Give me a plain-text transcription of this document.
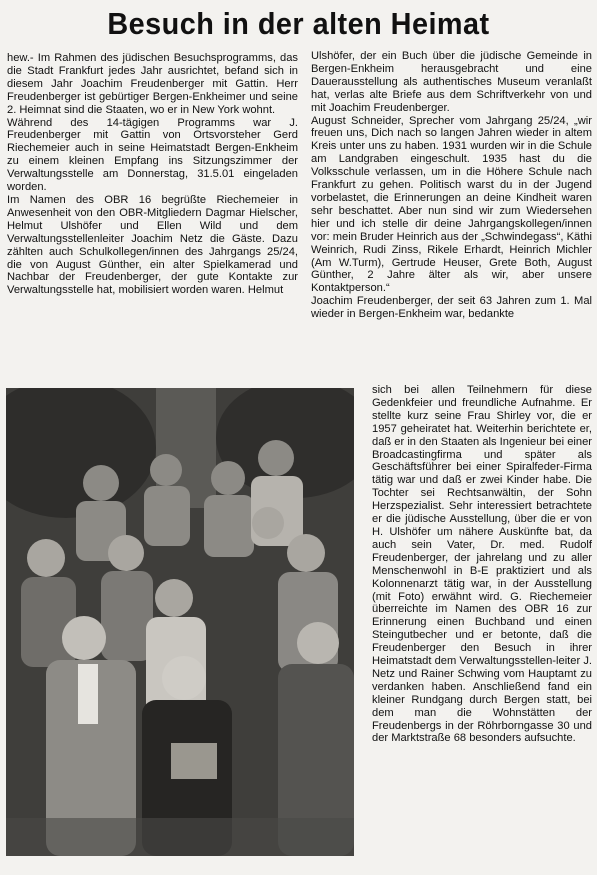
Besuch in der alten Heimat

hew.- Im Rahmen des jüdischen Besuchsprogramms, das die Stadt Frankfurt jedes Jahr ausrichtet, befand sich in diesem Jahr Joachim Freudenberger mit Gattin. Herr Freudenberger ist gebürtiger Bergen-Enkheimer und seine 2. Heimnat sind die Staaten, wo er in New York wohnt.

Während des 14-tägigen Programms war J. Freudenberger mit Gattin von Ortsvorsteher Gerd Riechemeier auch in seine Heimatstadt Bergen-Enkheim zu einem kleinen Empfang ins Sitzungszimmer der Verwaltungsstelle am Donnerstag, 31.5.01 eingeladen worden.

Im Namen des OBR 16 begrüßte Riechemeier in Anwesenheit von den OBR-Mitgliedern Dagmar Hielscher, Helmut Ulshöfer und Ellen Wild und dem Verwaltungsstellenleiter Joachim Netz die Gäste. Dazu zählten auch Schulkollegen/innen des Jahrgangs 25/24, die von August Günther, ein alter Spielkamerad und Nachbar der Freudenberger, der gute Kontakte zur Verwaltungsstelle hat, mobilisiert worden waren. Helmut

Ulshöfer, der ein Buch über die jüdische Gemeinde in Bergen-Enkheim herausgebracht und eine Dauerausstellung als authentisches Museum veranlaßt hat, verlas alte Briefe aus dem Schriftverkehr von und mit Joachim Freudenberger.

August Schneider, Sprecher vom Jahrgang 25/24, „wir freuen uns, Dich nach so langen Jahren wieder in altem Kreis unter uns zu haben. 1931 wurden wir in die Schule am Landgraben eingeschult. 1935 hast du die Volksschule verlassen, um in die Höhere Schule nach Frankfurt zu gehen. Politisch warst du in der Jugend vorbelastet, die Erinnerungen an deine Kindheit waren sehr beschattet. Aber nun sind wir zum Wiedersehen hier und ich stelle dir deine Jahrgangskollegen/innen vor: mein Bruder Heinrich aus der „Schwindegass“, Käthi Weinrich, Rudi Zinss, Rikele Erhardt, Heinrich Michler (Am W.Turm), Gertrude Heuser, Grete Both, August Günther, 2 Jahre älter als wir, aber unsere Kontaktperson.“

Joachim Freudenberger, der seit 63 Jahren zum 1. Mal wieder in Bergen-Enkheim war, bedankte

sich bei allen Teilnehmern für diese Gedenkfeier und freundliche Aufnahme. Er stellte kurz seine Frau Shirley vor, die er 1957 geheiratet hat. Weiterhin berichtete er, daß er in den Staaten als Ingenieur bei einer Broadcastingfirma und später als Geschäftsführer bei einer Spiralfeder-Firma tätig war und daß er zwei Kinder habe. Die Tochter sei Rechtsanwältin, der Sohn Herzspezialist. Sehr interessiert betrachtete er die jüdische Ausstellung, über die er von H. Ulshöfer um nähere Auskünfte bat, da auch sein Vater, Dr. med. Rudolf Freudenberger, der jahrelang und zu aller Menschenwohl in B-E praktiziert und als Kolonnenarzt tätig war, in der Ausstellung (mit Foto) erwähnt wird. G. Riechemeier überreichte im Namen des OBR 16 zur Erinnerung einen Buchband und einen Steingutbecher und er betonte, daß die Freudenberger den Besuch in ihrer Heimatstadt dem Verwaltungsstellen-leiter J. Netz und Rainer Schwing vom Hauptamt zu verdanken haben. Anschließend fand ein kleiner Rundgang durch Bergen statt, bei dem man die Wohnstätten der Freudenbergs in der Röhrborngasse 30 und der Marktstraße 68 besonders aufsuchte.
